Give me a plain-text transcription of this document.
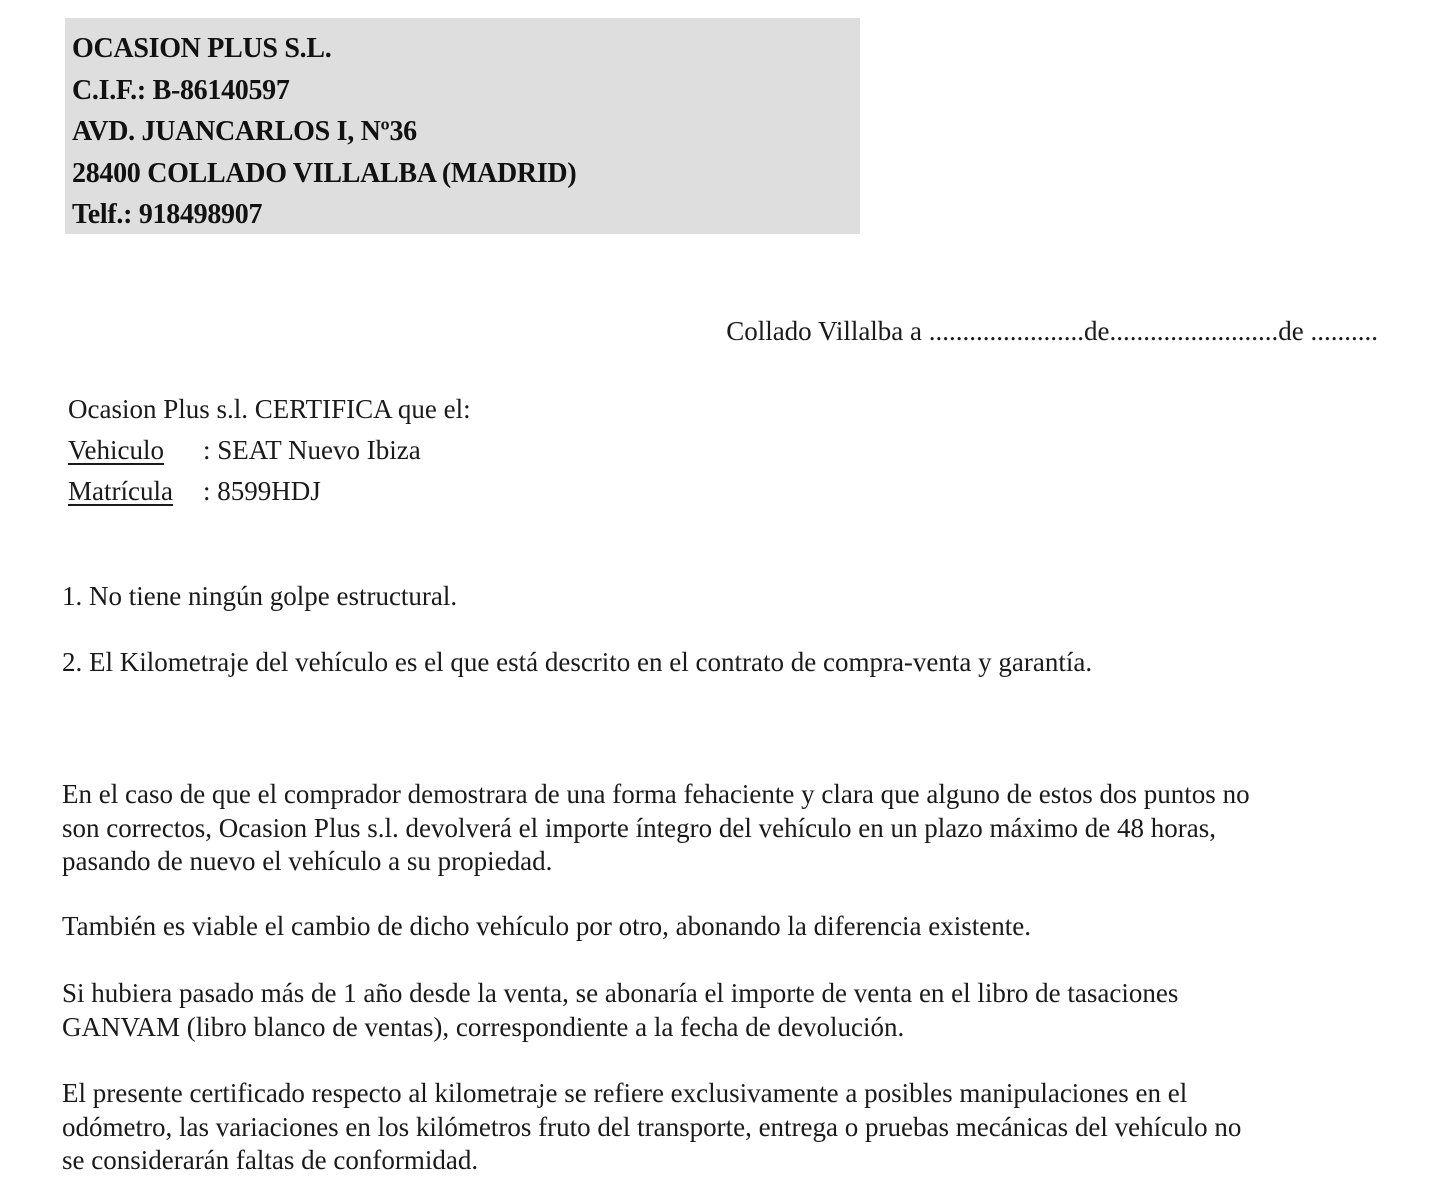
OCASION PLUS S.L.
C.I.F.: B-86140597
AVD. JUANCARLOS I, Nº36
28400 COLLADO VILLALBA (MADRID)
Telf.: 918498907
Collado Villalba a .......................de.........................de ..........
Ocasion Plus s.l. CERTIFICA que el:
Vehiculo : SEAT Nuevo Ibiza
Matrícula : 8599HDJ
1. No tiene ningún golpe estructural.
2. El Kilometraje del vehículo es el que está descrito en el contrato de compra-venta y garantía.

En el caso de que el comprador demostrara de una forma fehaciente y clara que alguno de estos dos puntos no
son correctos, Ocasion Plus s.l. devolverá el importe íntegro del vehículo en un plazo máximo de 48 horas,
pasando de nuevo el vehículo a su propiedad.

También es viable el cambio de dicho vehículo por otro, abonando la diferencia existente.

Si hubiera pasado más de 1 año desde la venta, se abonaría el importe de venta en el libro de tasaciones
GANVAM (libro blanco de ventas), correspondiente a la fecha de devolución.

El presente certificado respecto al kilometraje se refiere exclusivamente a posibles manipulaciones en el
odómetro, las variaciones en los kilómetros fruto del transporte, entrega o pruebas mecánicas del vehículo no
se considerarán faltas de conformidad.
